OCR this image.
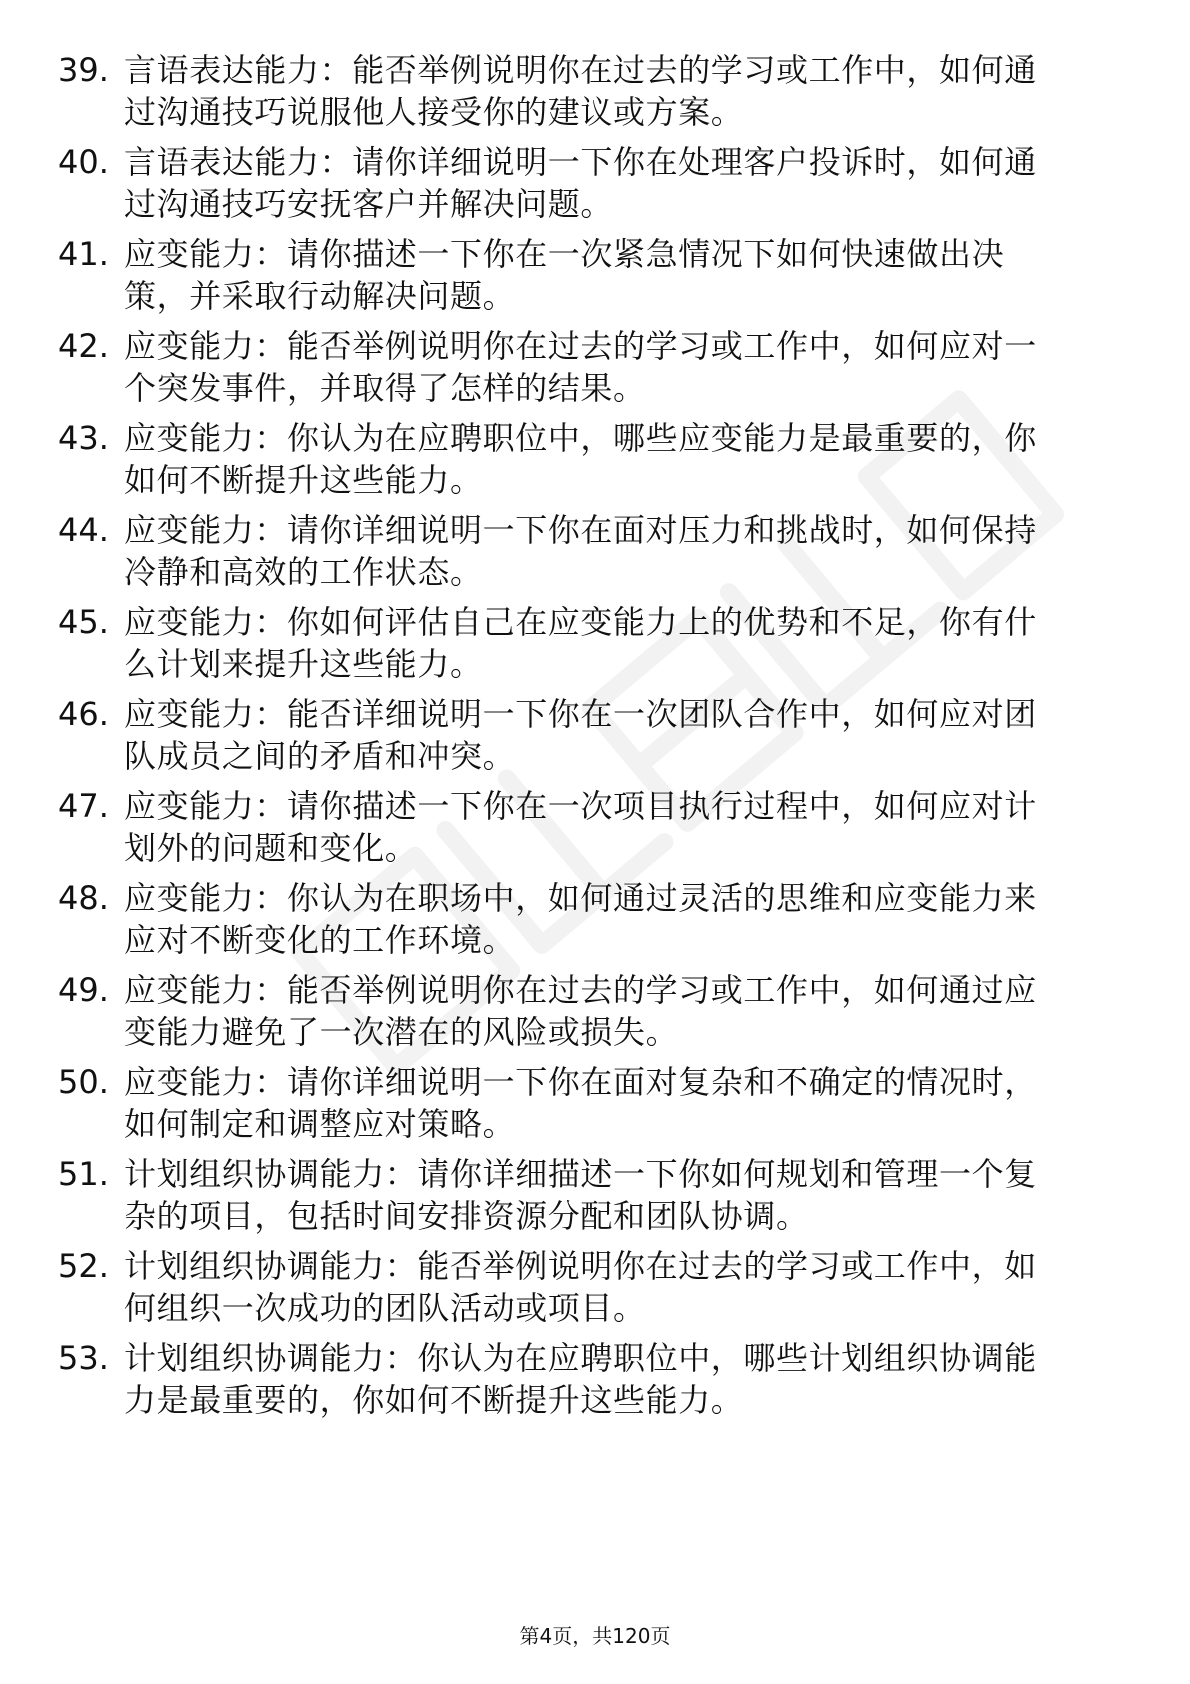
39. 言语表达能力：能否举例说明你在过去的学习或工作中，如何通
过沟通技巧说服他人接受你的建议或方案。
40. 言语表达能力：请你详细说明一下你在处理客户投诉时，如何通
过沟通技巧安抚客户并解决问题。
41. 应变能力：请你描述一下你在一次紧急情况下如何快速做出决
策，并采取行动解决问题。
42. 应变能力：能否举例说明你在过去的学习或工作中，如何应对一
个突发事件，并取得了怎样的结果。
43. 应变能力：你认为在应聘职位中，哪些应变能力是最重要的，你
如何不断提升这些能力。
44. 应变能力：请你详细说明一下你在面对压力和挑战时，如何保持
冷静和高效的工作状态。
45. 应变能力：你如何评估自己在应变能力上的优势和不足，你有什
么计划来提升这些能力。
46. 应变能力：能否详细说明一下你在一次团队合作中，如何应对团
队成员之间的矛盾和冲突。
47. 应变能力：请你描述一下你在一次项目执行过程中，如何应对计
划外的问题和变化。
48. 应变能力：你认为在职场中，如何通过灵活的思维和应变能力来
应对不断变化的工作环境。
49. 应变能力：能否举例说明你在过去的学习或工作中，如何通过应
变能力避免了一次潜在的风险或损失。
50. 应变能力：请你详细说明一下你在面对复杂和不确定的情况时，
如何制定和调整应对策略。
51. 计划组织协调能力：请你详细描述一下你如何规划和管理一个复
杂的项目，包括时间安排资源分配和团队协调。
52. 计划组织协调能力：能否举例说明你在过去的学习或工作中，如
何组织一次成功的团队活动或项目。
53. 计划组织协调能力：你认为在应聘职位中，哪些计划组织协调能
力是最重要的，你如何不断提升这些能力。
第4页，共120页
